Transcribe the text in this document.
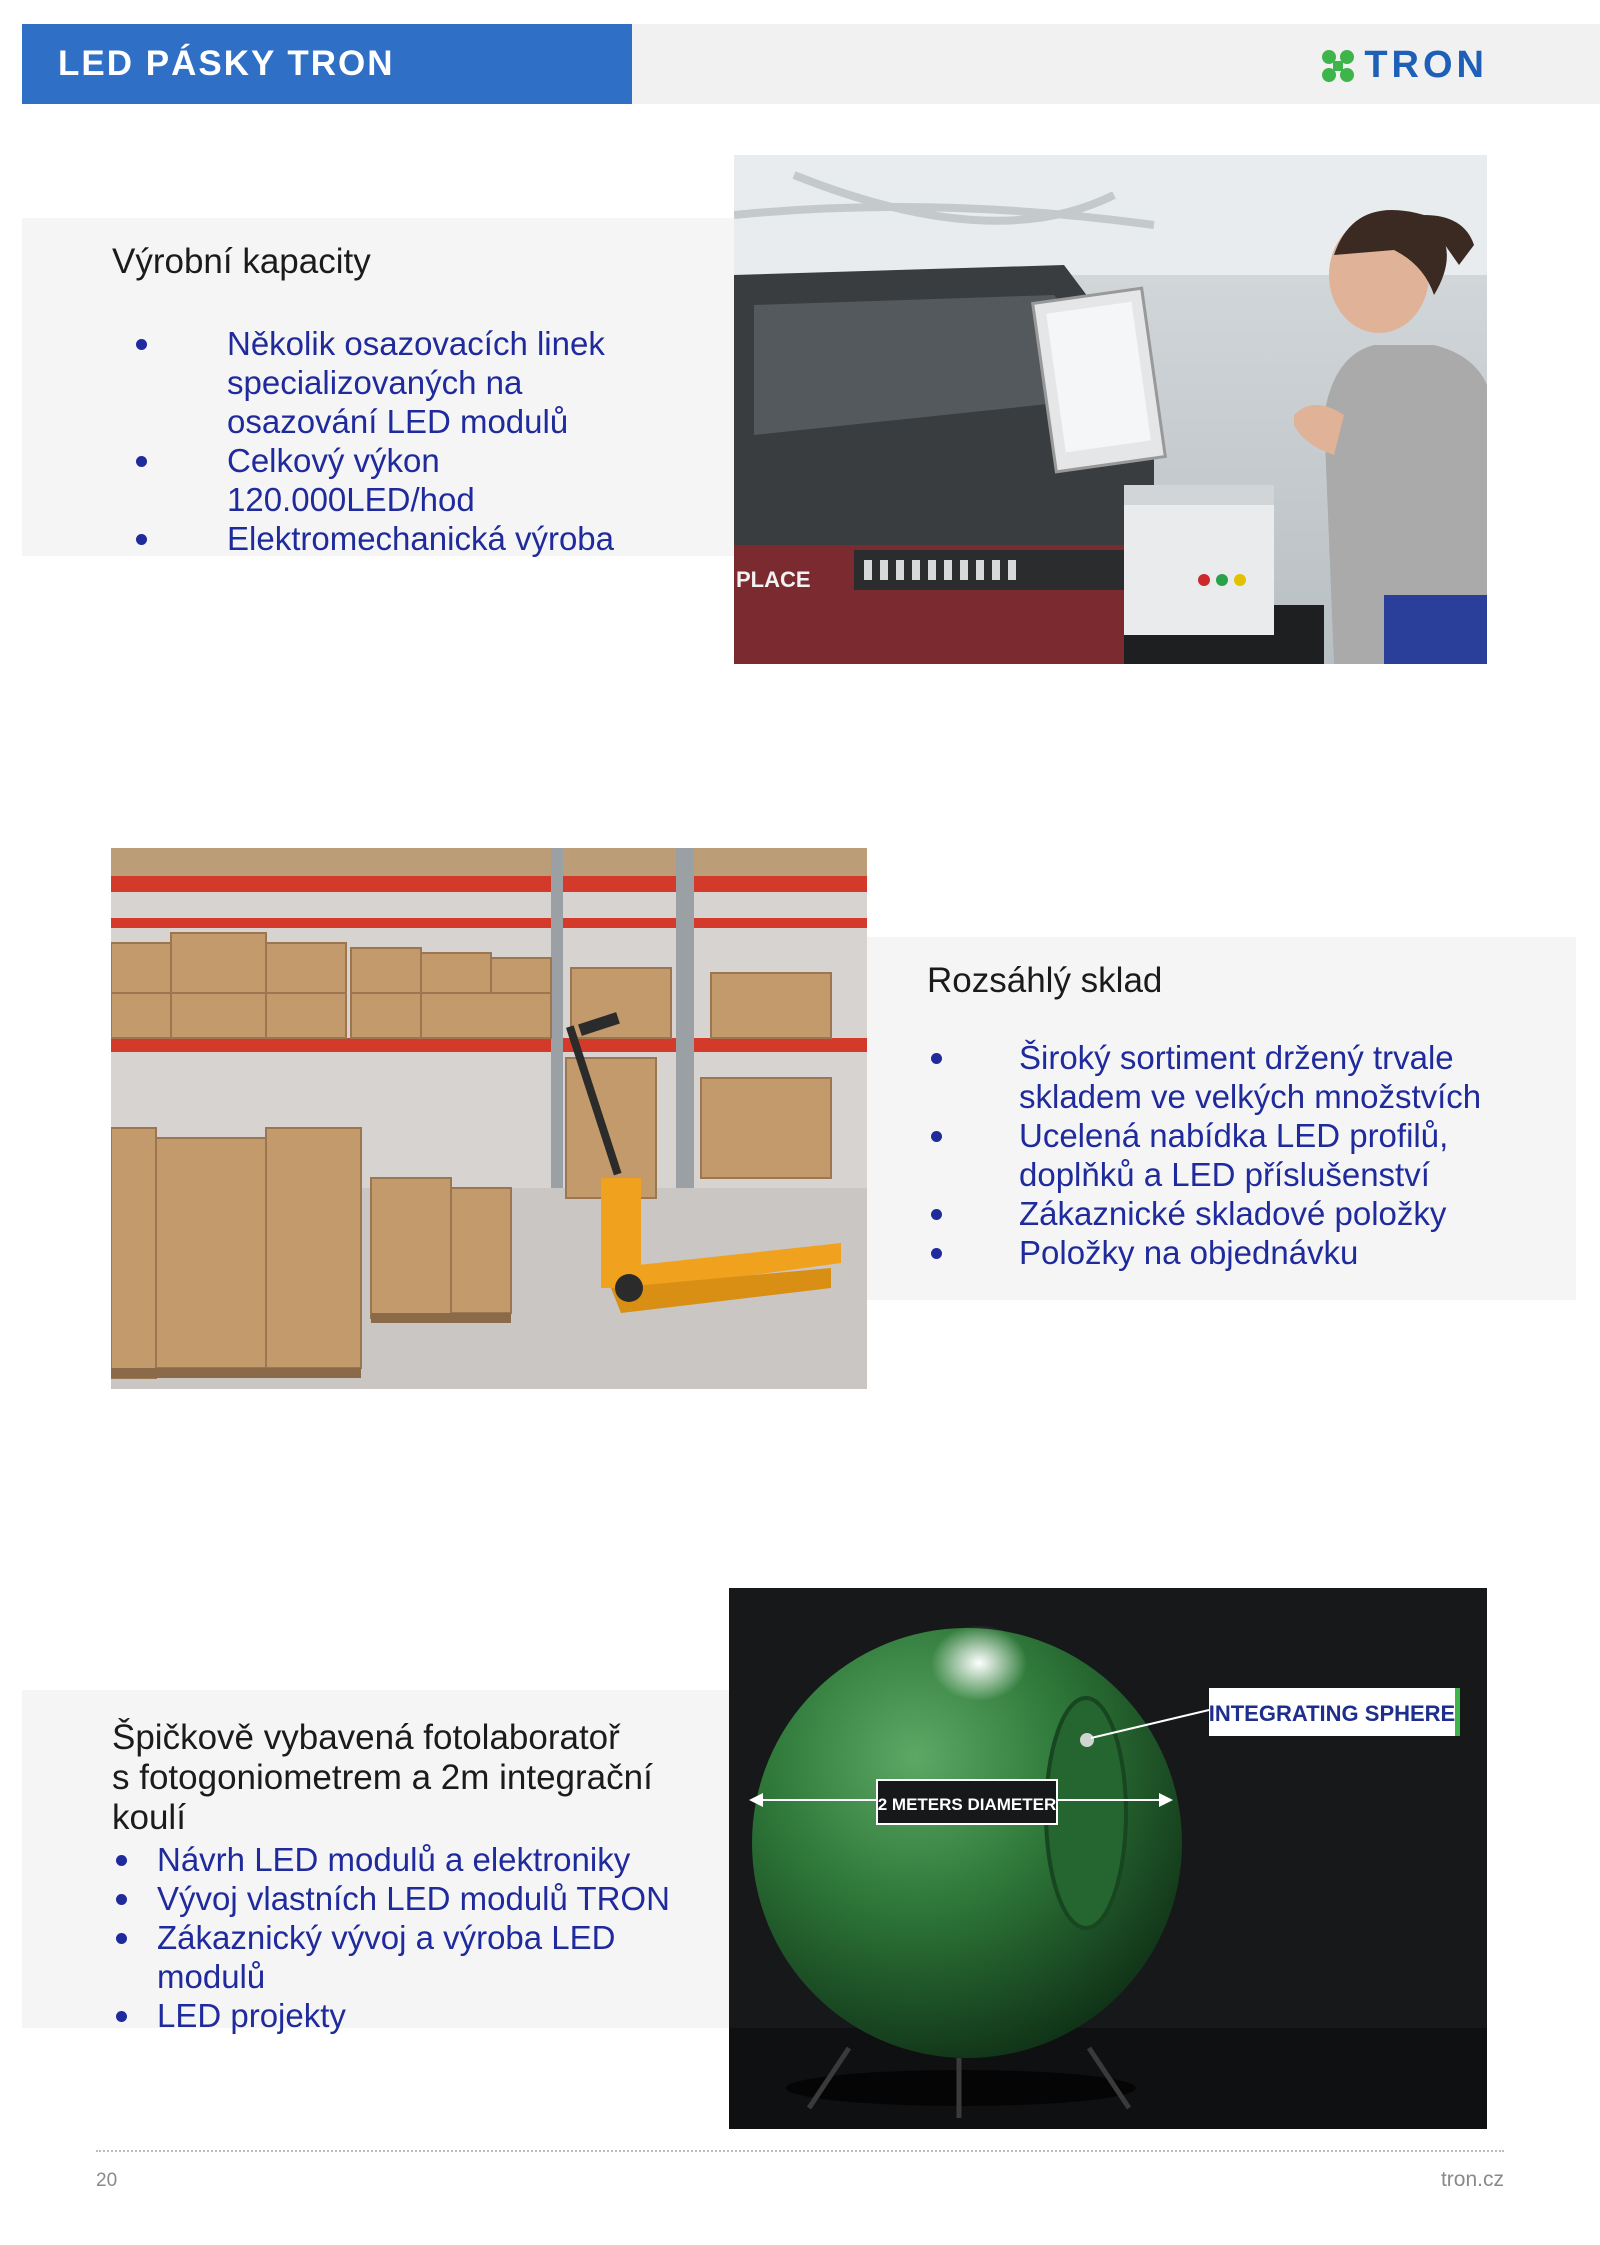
LED PÁSKY TRON	TRON
Výrobní kapacity
Několik osazovacích linek specializovaných na osazování LED modulů
Celkový výkon 120.000LED/hod
Elektromechanická výroba
PLACE
Rozsáhlý sklad
Široký sortiment držený trvale skladem ve velkých množstvích
Ucelená nabídka LED profilů, doplňků a LED příslušenství
Zákaznické skladové položky
Položky na objednávku
Špičkově vybavená fotolaboratoř
s fotogoniometrem a 2m integrační koulí
Návrh LED modulů a elektroniky
Vývoj vlastních LED modulů TRON
Zákaznický vývoj a výroba LED modulů
LED projekty
2 METERS DIAMETER
INTEGRATING SPHERE
20	tron.cz
